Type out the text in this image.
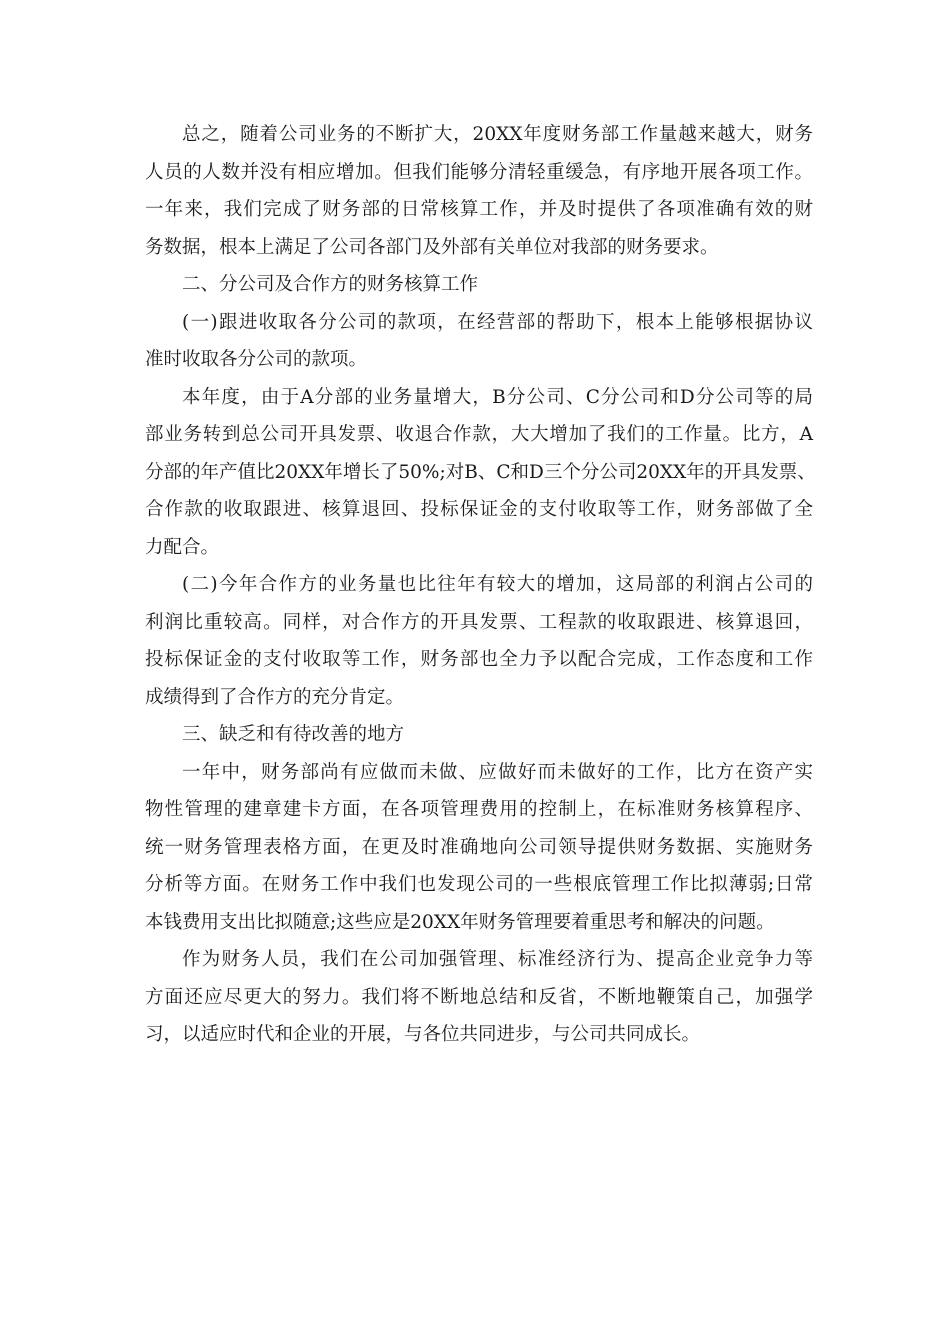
总之，随着公司业务的不断扩大，20XX年度财务部工作量越来越大，财务
人员的人数并没有相应增加。但我们能够分清轻重缓急，有序地开展各项工作。
一年来，我们完成了财务部的日常核算工作，并及时提供了各项准确有效的财
务数据，根本上满足了公司各部门及外部有关单位对我部的财务要求。

二、分公司及合作方的财务核算工作

(一)跟进收取各分公司的款项，在经营部的帮助下，根本上能够根据协议
准时收取各分公司的款项。

本年度，由于A分部的业务量增大，B分公司、C分公司和D分公司等的局
部业务转到总公司开具发票、收退合作款，大大增加了我们的工作量。比方，A
分部的年产值比20XX年增长了50%;对B、C和D三个分公司20XX年的开具发票、
合作款的收取跟进、核算退回、投标保证金的支付收取等工作，财务部做了全
力配合。

(二)今年合作方的业务量也比往年有较大的增加，这局部的利润占公司的
利润比重较高。同样，对合作方的开具发票、工程款的收取跟进、核算退回，
投标保证金的支付收取等工作，财务部也全力予以配合完成，工作态度和工作
成绩得到了合作方的充分肯定。

三、缺乏和有待改善的地方

一年中，财务部尚有应做而未做、应做好而未做好的工作，比方在资产实
物性管理的建章建卡方面，在各项管理费用的控制上，在标准财务核算程序、
统一财务管理表格方面，在更及时准确地向公司领导提供财务数据、实施财务
分析等方面。在财务工作中我们也发现公司的一些根底管理工作比拟薄弱;日常
本钱费用支出比拟随意;这些应是20XX年财务管理要着重思考和解决的问题。

作为财务人员，我们在公司加强管理、标准经济行为、提高企业竞争力等
方面还应尽更大的努力。我们将不断地总结和反省，不断地鞭策自己，加强学
习，以适应时代和企业的开展，与各位共同进步，与公司共同成长。
